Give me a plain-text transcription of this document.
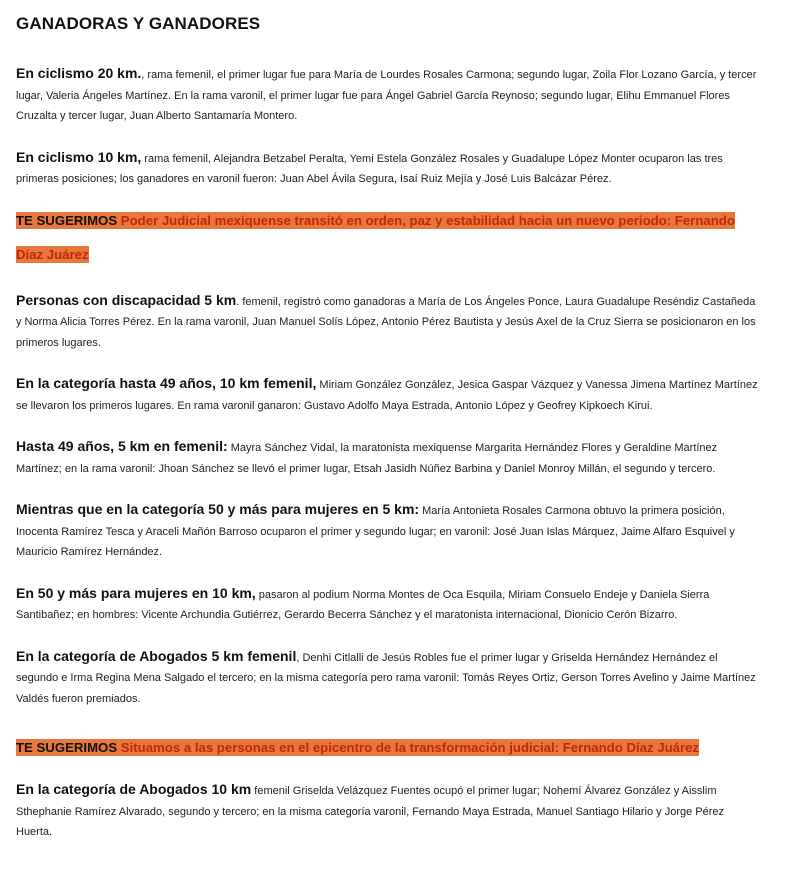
GANADORAS Y GANADORES

En ciclismo 20 km., rama femenil, el primer lugar fue para María de Lourdes Rosales Carmona; segundo lugar, Zoila Flor Lozano García, y tercer lugar, Valeria Ángeles Martínez. En la rama varonil, el primer lugar fue para Ángel Gabriel García Reynoso; segundo lugar, Elihu Emmanuel Flores Cruzalta y tercer lugar, Juan Alberto Santamaría Montero.

En ciclismo 10 km, rama femenil, Alejandra Betzabel Peralta, Yemi Estela González Rosales y Guadalupe López Monter ocuparon las tres primeras posiciones; los ganadores en varonil fueron: Juan Abel Ávila Segura, Isaí Ruiz Mejía y José Luis Balcázar Pérez.

TE SUGERIMOS Poder Judicial mexiquense transitó en orden, paz y estabilidad hacia un nuevo periodo: Fernando Díaz Juárez

Personas con discapacidad 5 km. femenil, registró como ganadoras a María de Los Ángeles Ponce, Laura Guadalupe Reséndiz Castañeda y Norma Alicia Torres Pérez. En la rama varonil, Juan Manuel Solís López, Antonio Pérez Bautista y Jesús Axel de la Cruz Sierra se posicionaron en los primeros lugares.

En la categoría hasta 49 años, 10 km femenil, Miriam González González, Jesica Gaspar Vázquez y Vanessa Jimena Martínez Martínez se llevaron los primeros lugares. En rama varonil ganaron: Gustavo Adolfo Maya Estrada, Antonio López y Geofrey Kipkoech Kirui.

Hasta 49 años, 5 km en femenil: Mayra Sánchez Vidal, la maratonista mexiquense Margarita Hernández Flores y Geraldine Martínez Martínez; en la rama varonil: Jhoan Sánchez se llevó el primer lugar, Etsah Jasidh Núñez Barbina y Daniel Monroy Millán, el segundo y tercero.

Mientras que en la categoría 50 y más para mujeres en 5 km: María Antonieta Rosales Carmona obtuvo la primera posición, Inocenta Ramírez Tesca y Araceli Mañón Barroso ocuparon el primer y segundo lugar; en varonil: José Juan Islas Márquez, Jaime Alfaro Esquivel y Mauricio Ramírez Hernández.

En 50 y más para mujeres en 10 km, pasaron al podium Norma Montes de Oca Esquila, Miriam Consuelo Endeje y Daniela Sierra Santibañez; en hombres: Vicente Archundia Gutiérrez, Gerardo Becerra Sánchez y el maratonista internacional, Dionicio Cerón Bizarro.

En la categoría de Abogados 5 km femenil, Denhi Citlalli de Jesús Robles fue el primer lugar y Griselda Hernández Hernández el segundo e Irma Regina Mena Salgado el tercero; en la misma categoría pero rama varonil: Tomás Reyes Ortiz, Gerson Torres Avelino y Jaime Martínez Valdés fueron premiados.

TE SUGERIMOS Situamos a las personas en el epicentro de la transformación judicial: Fernando Díaz Juárez

En la categoría de Abogados 10 km femenil Griselda Velázquez Fuentes ocupó el primer lugar; Nohemí Álvarez González y Aisslim Sthephanie Ramírez Alvarado, segundo y tercero; en la misma categoría varonil, Fernando Maya Estrada, Manuel Santiago Hilario y Jorge Pérez Huerta.
